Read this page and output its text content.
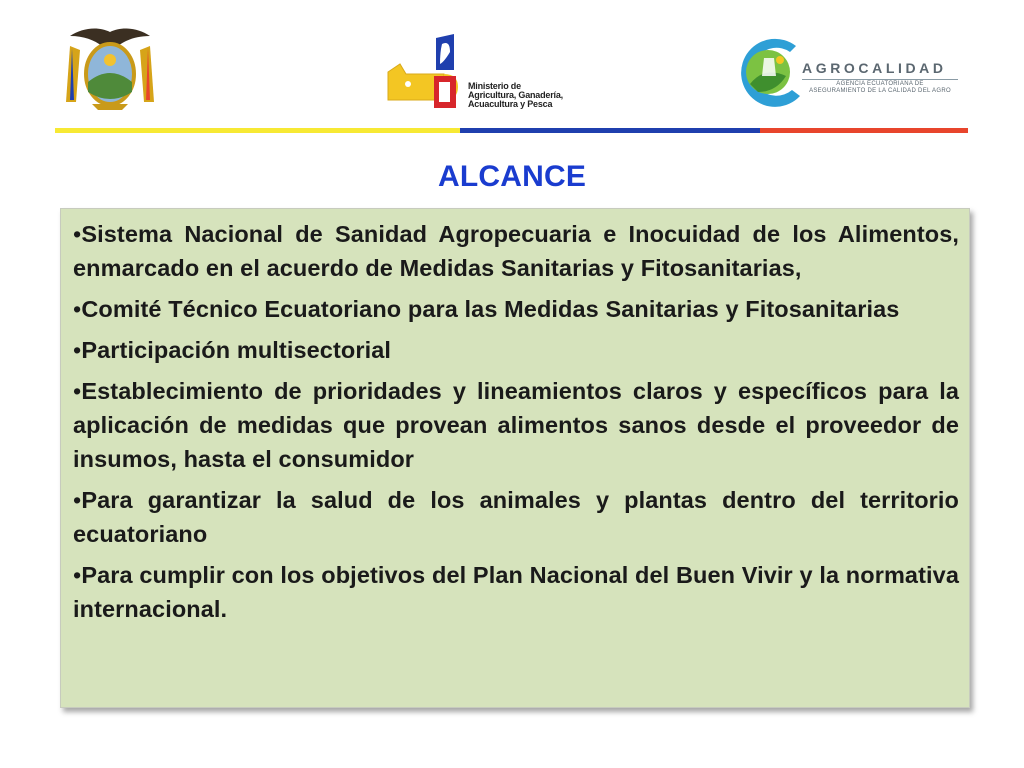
Ministerio de
Agricultura, Ganadería,
Acuacultura y Pesca
AGROCALIDAD
AGENCIA ECUATORIANA DE
ASEGURAMIENTO DE LA CALIDAD DEL AGRO
ALCANCE
•Sistema Nacional de Sanidad Agropecuaria e Inocuidad de los Alimentos, enmarcado en el acuerdo de Medidas Sanitarias y Fitosanitarias,
•Comité Técnico Ecuatoriano para las Medidas Sanitarias y Fitosanitarias
•Participación multisectorial
•Establecimiento de prioridades y lineamientos claros y específicos para la aplicación de medidas que provean alimentos sanos desde el proveedor de insumos, hasta el consumidor
•Para garantizar la salud de los animales y plantas dentro del territorio ecuatoriano
•Para cumplir con los objetivos del Plan Nacional del Buen Vivir y la normativa internacional.
